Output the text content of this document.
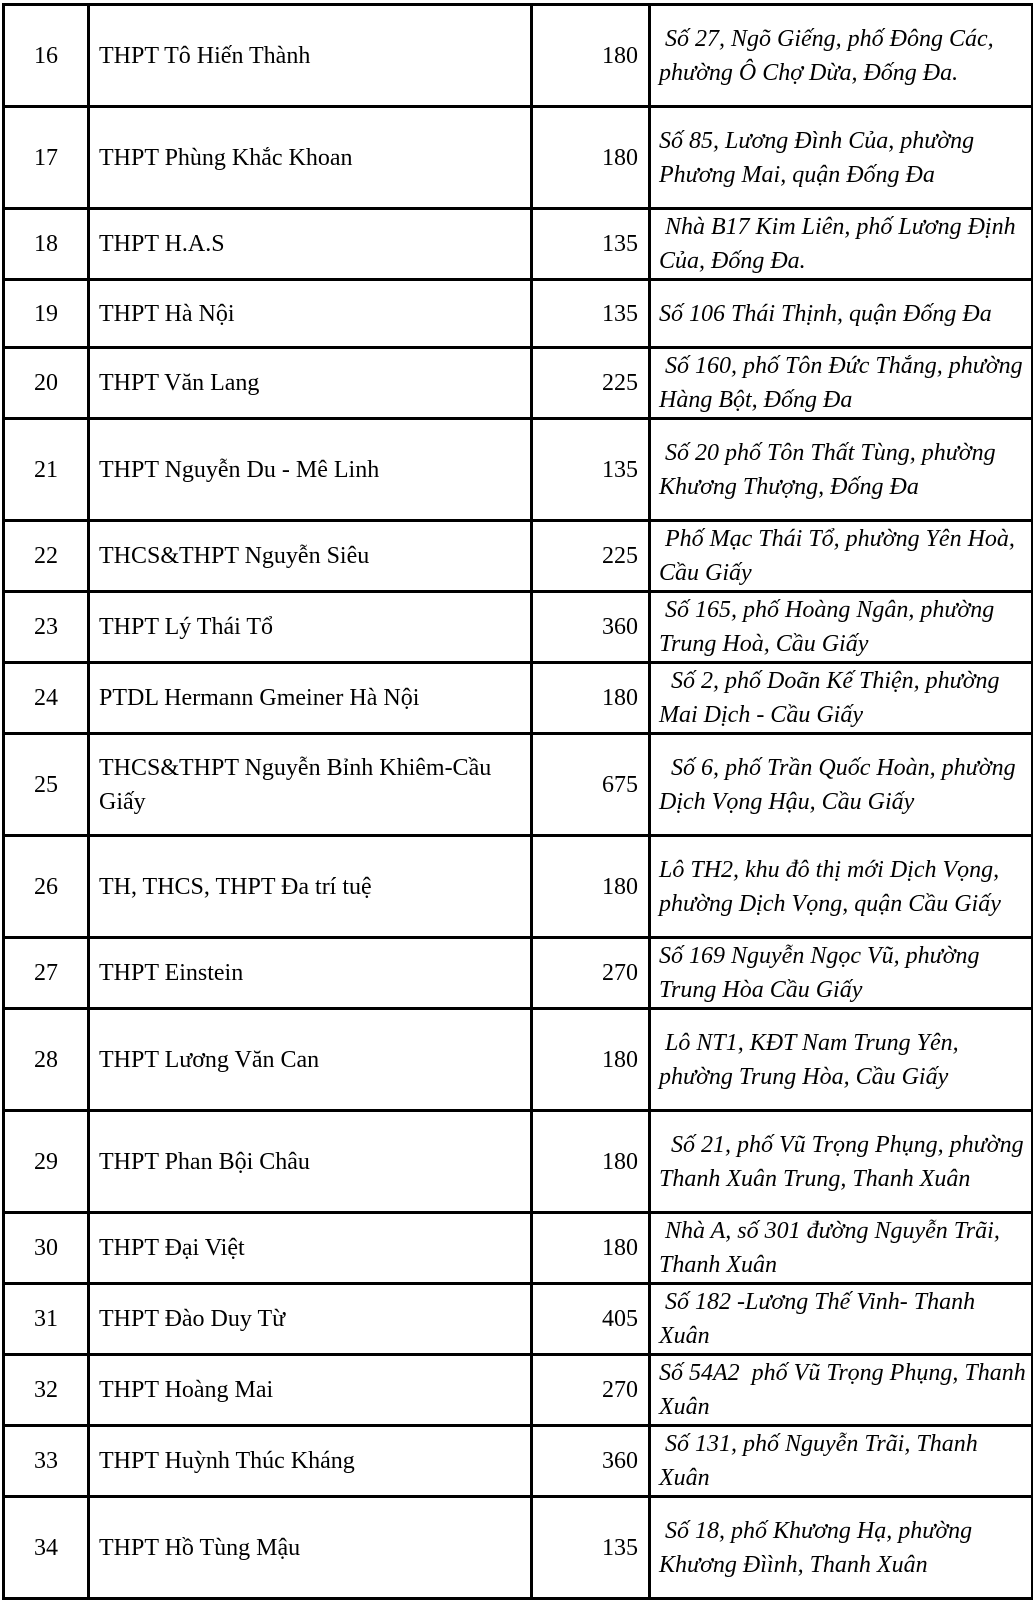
16	THPT Tô Hiến Thành	180	Số 27, Ngõ Giếng, phố Đông Các, phường Ô Chợ Dừa, Đống Đa.
17	THPT Phùng Khắc Khoan	180	Số 85, Lương Đình Của, phường Phương Mai, quận Đống Đa
18	THPT H.A.S	135	Nhà B17 Kim Liên, phố Lương Định Của, Đống Đa.
19	THPT Hà Nội	135	Số 106 Thái Thịnh, quận Đống Đa
20	THPT Văn Lang	225	Số 160, phố Tôn Đức Thắng, phường Hàng Bột, Đống Đa
21	THPT Nguyễn Du - Mê Linh	135	Số 20 phố Tôn Thất Tùng, phường Khương Thượng, Đống Đa
22	THCS&THPT Nguyễn Siêu	225	Phố Mạc Thái Tổ, phường Yên Hoà, Cầu Giấy
23	THPT Lý Thái Tổ	360	Số 165, phố Hoàng Ngân, phường Trung Hoà, Cầu Giấy
24	PTDL Hermann Gmeiner Hà Nội	180	Số 2, phố Doãn Kế Thiện, phường Mai Dịch - Cầu Giấy
25	THCS&THPT Nguyễn Bỉnh Khiêm-Cầu Giấy	675	Số 6, phố Trần Quốc Hoàn, phường Dịch Vọng Hậu, Cầu Giấy
26	TH, THCS, THPT Đa trí tuệ	180	Lô TH2, khu đô thị mới Dịch Vọng, phường Dịch Vọng, quận Cầu Giấy
27	THPT Einstein	270	Số 169 Nguyễn Ngọc Vũ, phường Trung Hòa Cầu Giấy
28	THPT Lương Văn Can	180	Lô NT1, KĐT Nam Trung Yên, phường Trung Hòa, Cầu Giấy
29	THPT Phan Bội Châu	180	Số 21, phố Vũ Trọng Phụng, phường Thanh Xuân Trung, Thanh Xuân
30	THPT Đại Việt	180	Nhà A, số 301 đường Nguyễn Trãi, Thanh Xuân
31	THPT Đào Duy Từ	405	Số 182 -Lương Thế Vinh- Thanh Xuân
32	THPT Hoàng Mai	270	Số 54A2  phố Vũ Trọng Phụng, Thanh Xuân
33	THPT Huỳnh Thúc Kháng	360	Số 131, phố Nguyễn Trãi, Thanh Xuân
34	THPT Hồ Tùng Mậu	135	Số 18, phố Khương Hạ, phường Khương Đìình, Thanh Xuân
